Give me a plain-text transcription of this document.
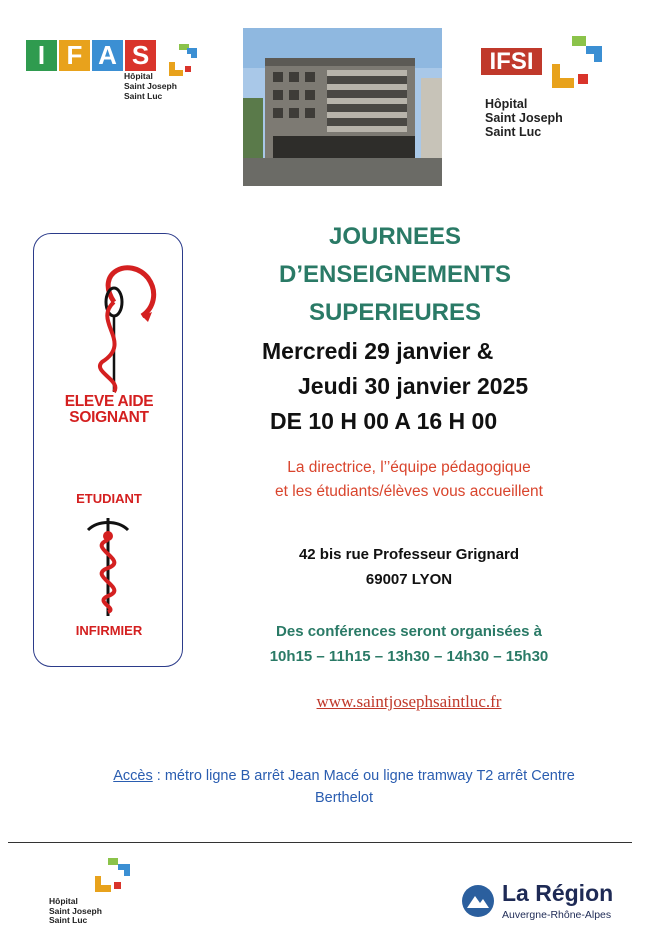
I F A S
Hôpital
Saint Joseph
Saint Luc
IFSI
Hôpital
Saint Joseph
Saint Luc
ELEVE AIDE
SOIGNANT
ETUDIANT
INFIRMIER
JOURNEES
D’ENSEIGNEMENTS
SUPERIEURES
Mercredi 29 janvier &
Jeudi 30 janvier 2025
DE 10 H 00 A 16 H 00
La directrice, l’’équipe pédagogique
et les étudiants/élèves vous accueillent
42 bis rue Professeur Grignard
69007 LYON
Des conférences seront organisées à
10h15 – 11h15 – 13h30 – 14h30 – 15h30
www.saintjosephsaintluc.fr
Accès : métro ligne B arrêt Jean Macé ou ligne tramway T2 arrêt Centre
Berthelot
Hôpital
Saint Joseph
Saint Luc
La Région
Auvergne-Rhône-Alpes
